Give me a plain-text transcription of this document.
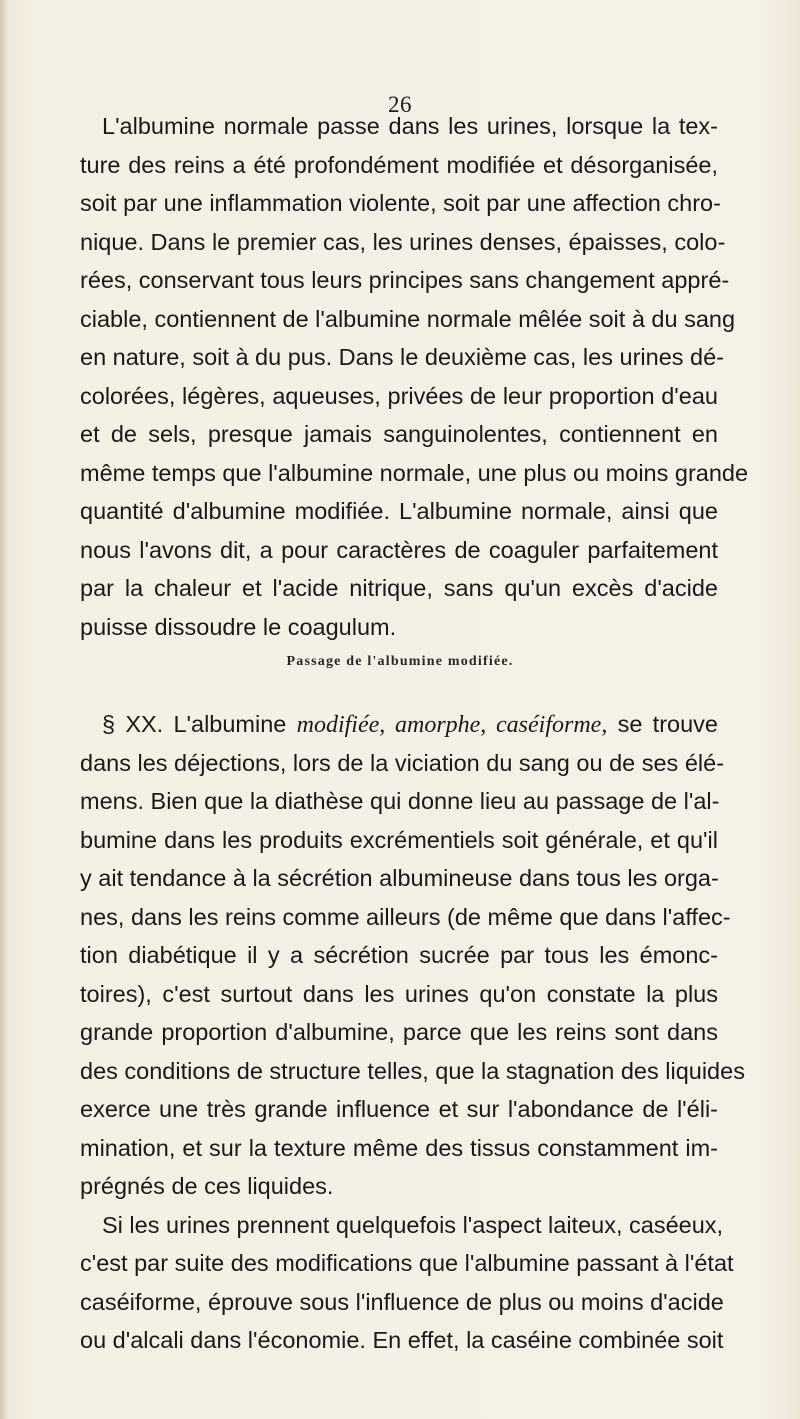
26
L'albumine normale passe dans les urines, lorsque la tex-
ture des reins a été profondément modifiée et désorganisée,
soit par une inflammation violente, soit par une affection chro-
nique. Dans le premier cas, les urines denses, épaisses, colo-
rées, conservant tous leurs principes sans changement appré-
ciable, contiennent de l'albumine normale mêlée soit à du sang
en nature, soit à du pus. Dans le deuxième cas, les urines dé-
colorées, légères, aqueuses, privées de leur proportion d'eau
et de sels, presque jamais sanguinolentes, contiennent en
même temps que l'albumine normale, une plus ou moins grande
quantité d'albumine modifiée. L'albumine normale, ainsi que
nous l'avons dit, a pour caractères de coaguler parfaitement
par la chaleur et l'acide nitrique, sans qu'un excès d'acide
puisse dissoudre le coagulum.
Passage de l'albumine modifiée.
§ XX. L'albumine modifiée, amorphe, caséiforme, se trouve
dans les déjections, lors de la viciation du sang ou de ses élé-
mens. Bien que la diathèse qui donne lieu au passage de l'al-
bumine dans les produits excrémentiels soit générale, et qu'il
y ait tendance à la sécrétion albumineuse dans tous les orga-
nes, dans les reins comme ailleurs (de même que dans l'affec-
tion diabétique il y a sécrétion sucrée par tous les émonc-
toires), c'est surtout dans les urines qu'on constate la plus
grande proportion d'albumine, parce que les reins sont dans
des conditions de structure telles, que la stagnation des liquides
exerce une très grande influence et sur l'abondance de l'éli-
mination, et sur la texture même des tissus constamment im-
prégnés de ces liquides.
Si les urines prennent quelquefois l'aspect laiteux, caséeux,
c'est par suite des modifications que l'albumine passant à l'état
caséiforme, éprouve sous l'influence de plus ou moins d'acide
ou d'alcali dans l'économie. En effet, la caséine combinée soit
